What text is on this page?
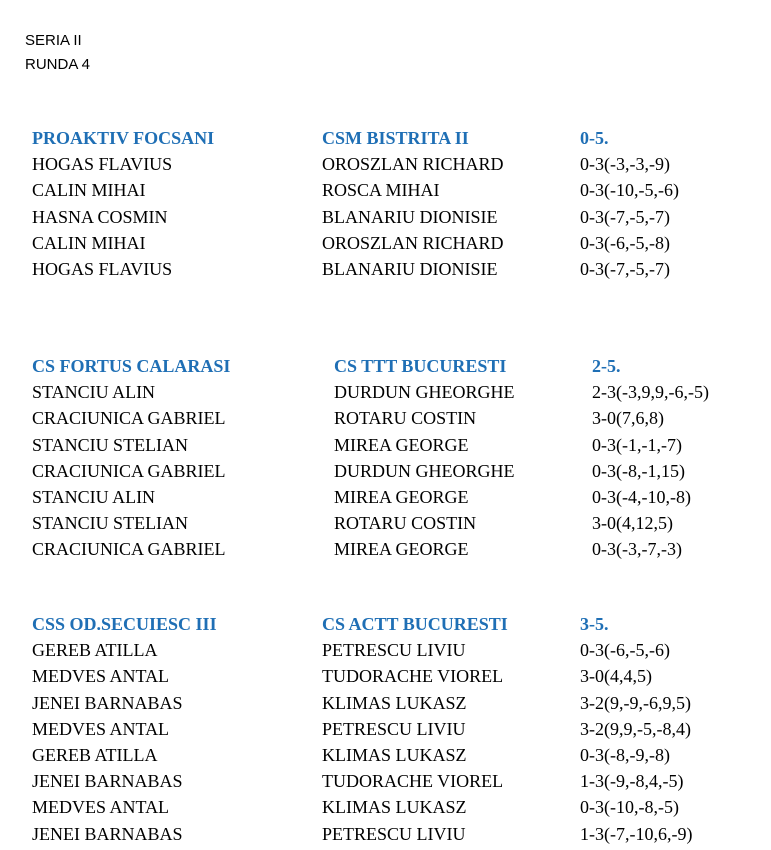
SERIA II
RUNDA 4
PROAKTIV FOCSANI	CSM BISTRITA II	0-5.
HOGAS FLAVIUS	OROSZLAN RICHARD	0-3(-3,-3,-9)
CALIN MIHAI	ROSCA MIHAI	0-3(-10,-5,-6)
HASNA COSMIN	BLANARIU DIONISIE	0-3(-7,-5,-7)
CALIN MIHAI	OROSZLAN RICHARD	0-3(-6,-5,-8)
HOGAS FLAVIUS	BLANARIU DIONISIE	0-3(-7,-5,-7)
CS FORTUS CALARASI	CS TTT BUCURESTI	2-5.
STANCIU ALIN	DURDUN GHEORGHE	2-3(-3,9,9,-6,-5)
CRACIUNICA GABRIEL	ROTARU COSTIN	3-0(7,6,8)
STANCIU STELIAN	MIREA GEORGE	0-3(-1,-1,-7)
CRACIUNICA GABRIEL	DURDUN GHEORGHE	0-3(-8,-1,15)
STANCIU ALIN	MIREA GEORGE	0-3(-4,-10,-8)
STANCIU STELIAN	ROTARU COSTIN	3-0(4,12,5)
CRACIUNICA GABRIEL	MIREA GEORGE	0-3(-3,-7,-3)
CSS OD.SECUIESC III	CS ACTT BUCURESTI	3-5.
GEREB ATILLA	PETRESCU LIVIU	0-3(-6,-5,-6)
MEDVES ANTAL	TUDORACHE VIOREL	3-0(4,4,5)
JENEI BARNABAS	KLIMAS LUKASZ	3-2(9,-9,-6,9,5)
MEDVES ANTAL	PETRESCU LIVIU	3-2(9,9,-5,-8,4)
GEREB ATILLA	KLIMAS LUKASZ	0-3(-8,-9,-8)
JENEI BARNABAS	TUDORACHE VIOREL	1-3(-9,-8,4,-5)
MEDVES ANTAL	KLIMAS LUKASZ	0-3(-10,-8,-5)
JENEI BARNABAS	PETRESCU LIVIU	1-3(-7,-10,6,-9)
